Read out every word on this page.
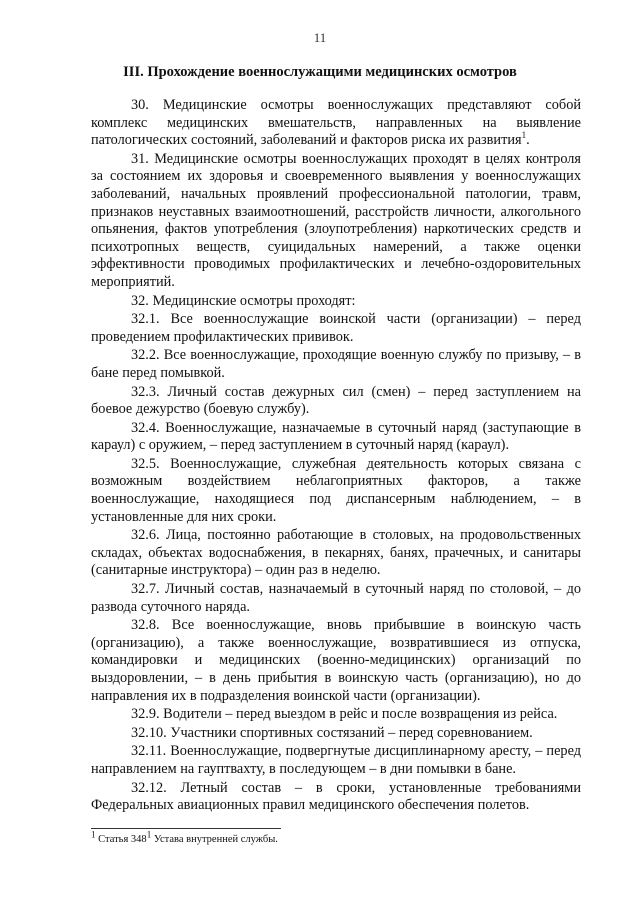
11
III. Прохождение военнослужащими медицинских осмотров

30. Медицинские осмотры военнослужащих представляют собой комплекс медицинских вмешательств, направленных на выявление патологических состояний, заболеваний и факторов риска их развития$^1$.

31. Медицинские осмотры военнослужащих проходят в целях контроля за состоянием их здоровья и своевременного выявления у военнослужащих заболеваний, начальных проявлений профессиональной патологии, травм, признаков неуставных взаимоотношений, расстройств личности, алкогольного опьянения, фактов употребления (злоупотребления) наркотических средств и психотропных веществ, суицидальных намерений, а также оценки эффективности проводимых профилактических и лечебно-оздоровительных мероприятий.

32. Медицинские осмотры проходят:

32.1. Все военнослужащие воинской части (организации) – перед проведением профилактических прививок.

32.2. Все военнослужащие, проходящие военную службу по призыву, – в бане перед помывкой.

32.3. Личный состав дежурных сил (смен) – перед заступлением на боевое дежурство (боевую службу).

32.4. Военнослужащие, назначаемые в суточный наряд (заступающие в караул) с оружием, – перед заступлением в суточный наряд (караул).

32.5. Военнослужащие, служебная деятельность которых связана с возможным воздействием неблагоприятных факторов, а также военнослужащие, находящиеся под диспансерным наблюдением, – в установленные для них сроки.

32.6. Лица, постоянно работающие в столовых, на продовольственных складах, объектах водоснабжения, в пекарнях, банях, прачечных, и санитары (санитарные инструктора) – один раз в неделю.

32.7. Личный состав, назначаемый в суточный наряд по столовой, – до развода суточного наряда.

32.8. Все военнослужащие, вновь прибывшие в воинскую часть (организацию), а также военнослужащие, возвратившиеся из отпуска, командировки и медицинских (военно-медицинских) организаций по выздоровлении, – в день прибытия в воинскую часть (организацию), но до направления их в подразделения воинской части (организации).

32.9. Водители – перед выездом в рейс и после возвращения из рейса.

32.10. Участники спортивных состязаний – перед соревнованием.

32.11. Военнослужащие, подвергнутые дисциплинарному аресту, – перед направлением на гауптвахту, в последующем – в дни помывки в бане.

32.12. Летный состав – в сроки, установленные требованиями Федеральных авиационных правил медицинского обеспечения полетов.

$^1$ Статья $348^1$ Устава внутренней службы.
